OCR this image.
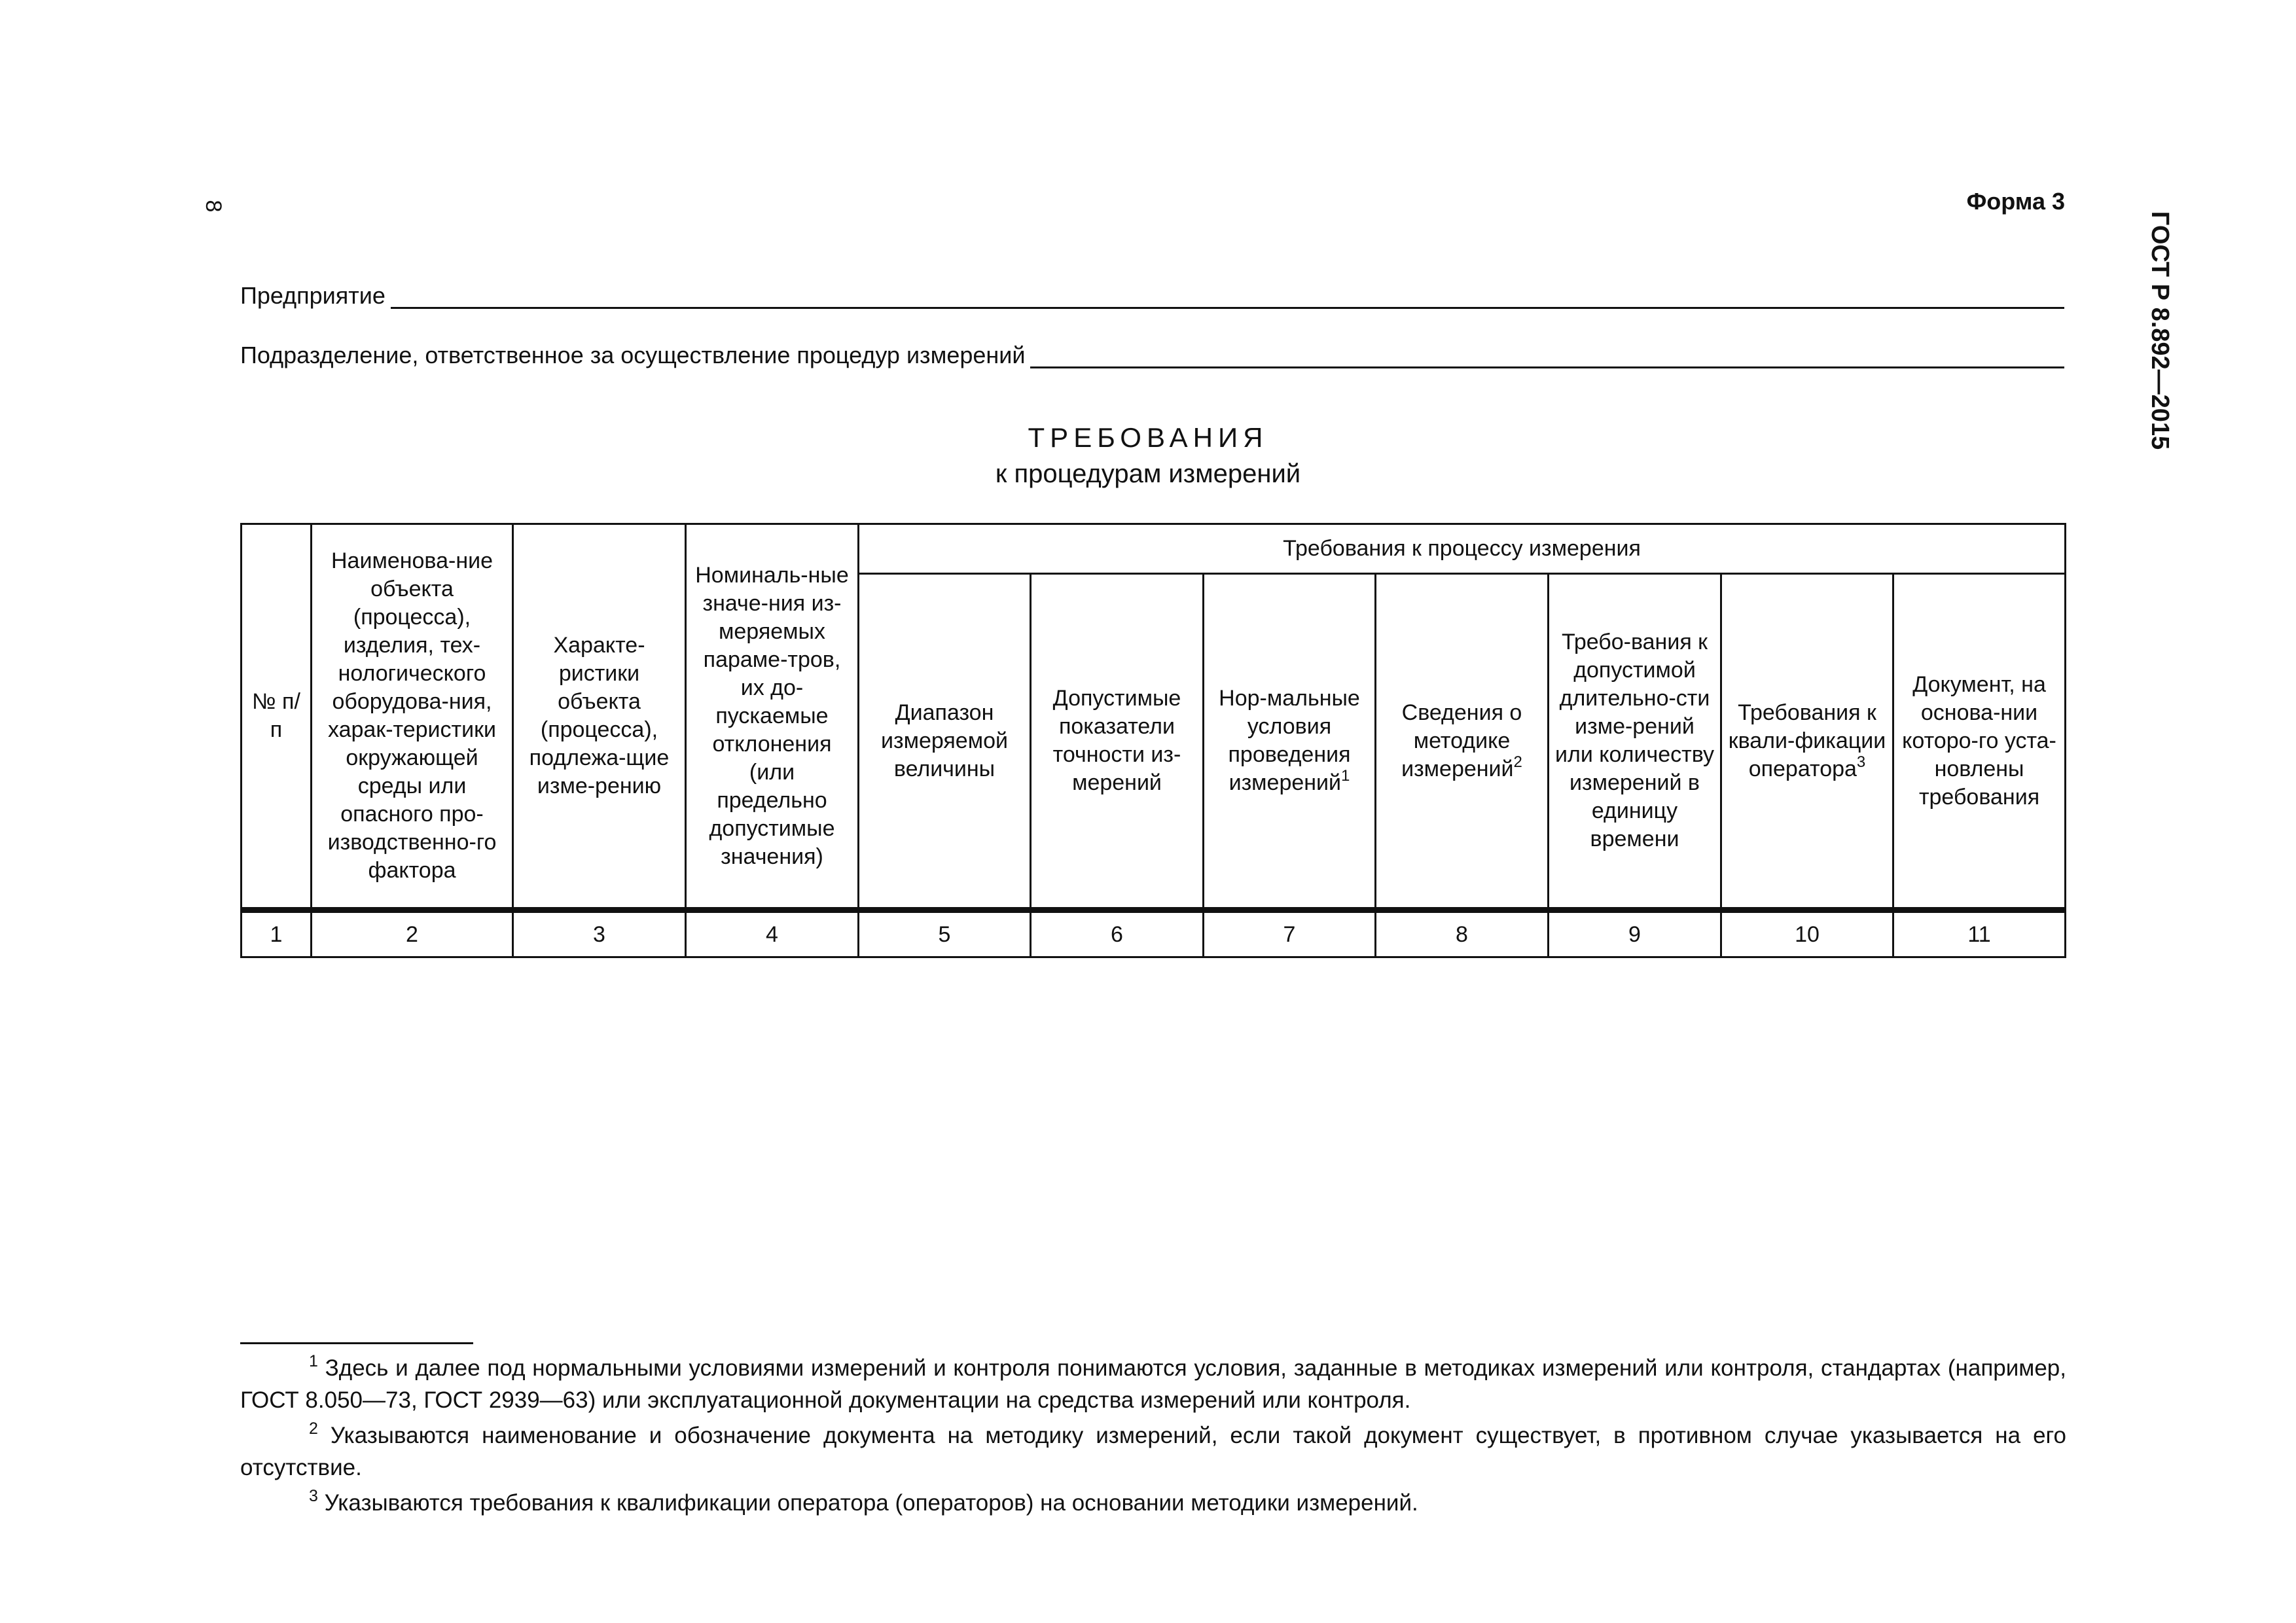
8
ГОСТ Р 8.892—2015
Форма 3
Предприятие
Подразделение, ответственное за осуществление процедур измерений
ТРЕБОВАНИЯ
к процедурам измерений
№ п/п	Наименова-ние объекта (процесса), изделия, тех-нологического оборудова-ния, харак-теристики окружающей среды или опасного про-изводственно-го фактора	Характе-ристики объекта (процесса), подлежа-щие изме-рению	Номиналь-ные значе-ния из-меряемых параме-тров, их до-пускаемые отклонения (или предельно допустимые значения)	Требования к процессу измерения						
				Диапазон измеряемой величины	Допустимые показатели точности из-мерений	Нор-мальные условия проведения измерений$^1$	Сведения о методике измерений$^2$	Требо-вания к допустимой длительно-сти изме-рений или количеству измерений в единицу времени	Требования к квали-фикации оператора$^3$	Документ, на основа-нии которо-го уста-новлены требования
1	2	3	4	5	6	7	8	9	10	11

$^1$ Здесь и далее под нормальными условиями измерений и контроля понимаются условия, заданные в методиках измерений или контроля, стандартах (например, ГОСТ 8.050—73, ГОСТ 2939—63) или эксплуатационной документации на средства измерений или контроля.

$^2$ Указываются наименование и обозначение документа на методику измерений, если такой документ существует, в противном случае указывается на его отсутствие.

$^3$ Указываются требования к квалификации оператора (операторов) на основании методики измерений.
